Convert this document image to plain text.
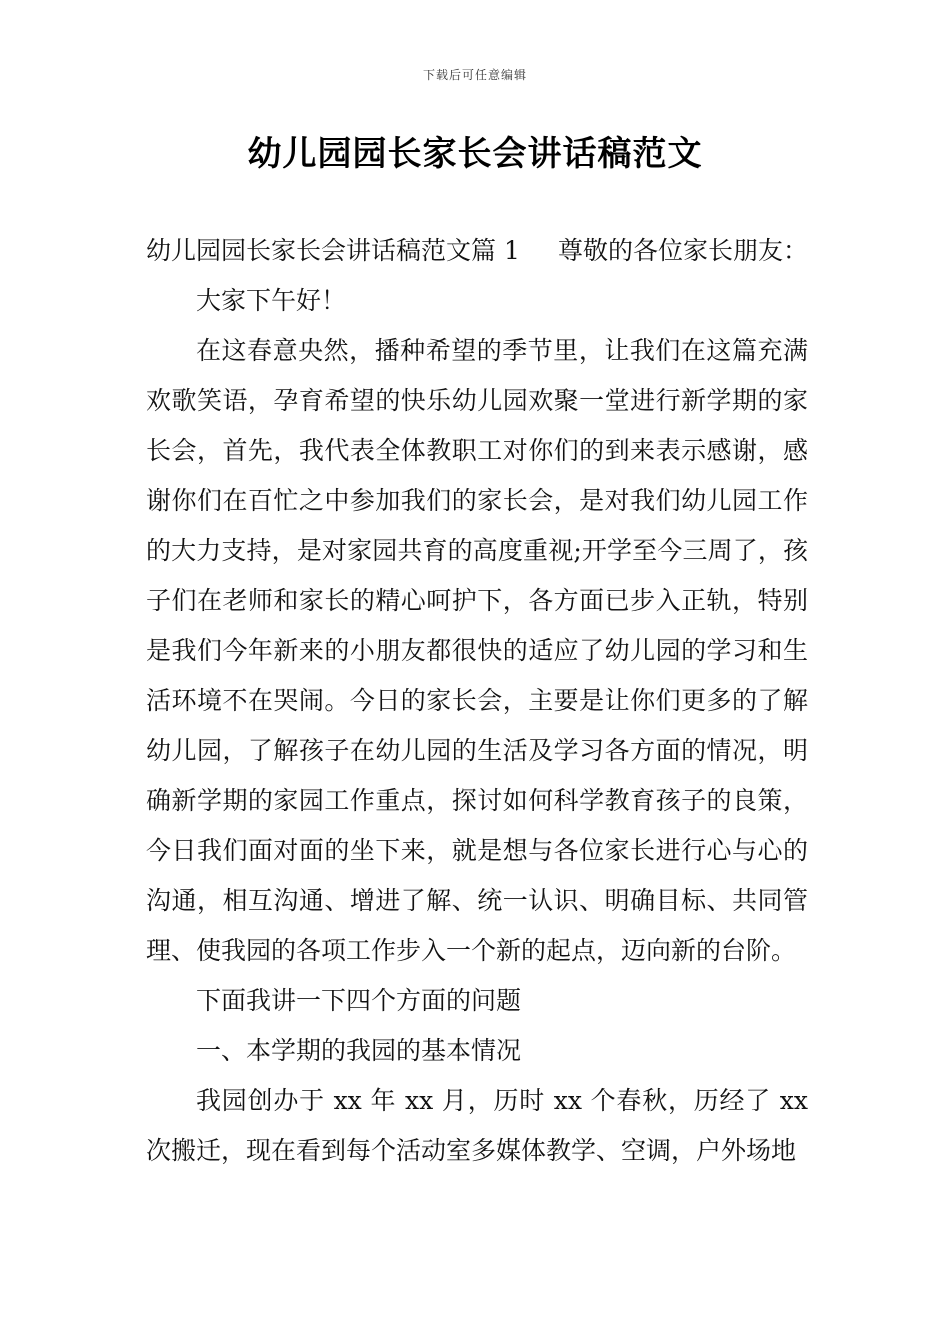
下载后可任意编辑
幼儿园园长家长会讲话稿范文
幼儿园园长家长会讲话稿范文篇 1 尊敬的各位家长朋友：

大家下午好！

在这春意央然，播种希望的季节里，让我们在这篇充满欢歌笑语，孕育希望的快乐幼儿园欢聚一堂进行新学期的家长会，首先，我代表全体教职工对你们的到来表示感谢，感谢你们在百忙之中参加我们的家长会，是对我们幼儿园工作的大力支持，是对家园共育的高度重视;开学至今三周了，孩子们在老师和家长的精心呵护下，各方面已步入正轨，特别是我们今年新来的小朋友都很快的适应了幼儿园的学习和生活环境不在哭闹。今日的家长会，主要是让你们更多的了解幼儿园，了解孩子在幼儿园的生活及学习各方面的情况，明确新学期的家园工作重点，探讨如何科学教育孩子的良策，今日我们面对面的坐下来，就是想与各位家长进行心与心的沟通，相互沟通、增进了解、统一认识、明确目标、共同管理、使我园的各项工作步入一个新的起点，迈向新的台阶。

下面我讲一下四个方面的问题

一、本学期的我园的基本情况

我园创办于 xx 年 xx 月，历时 xx 个春秋，历经了 xx 次搬迁，现在看到每个活动室多媒体教学、空调，户外场地
